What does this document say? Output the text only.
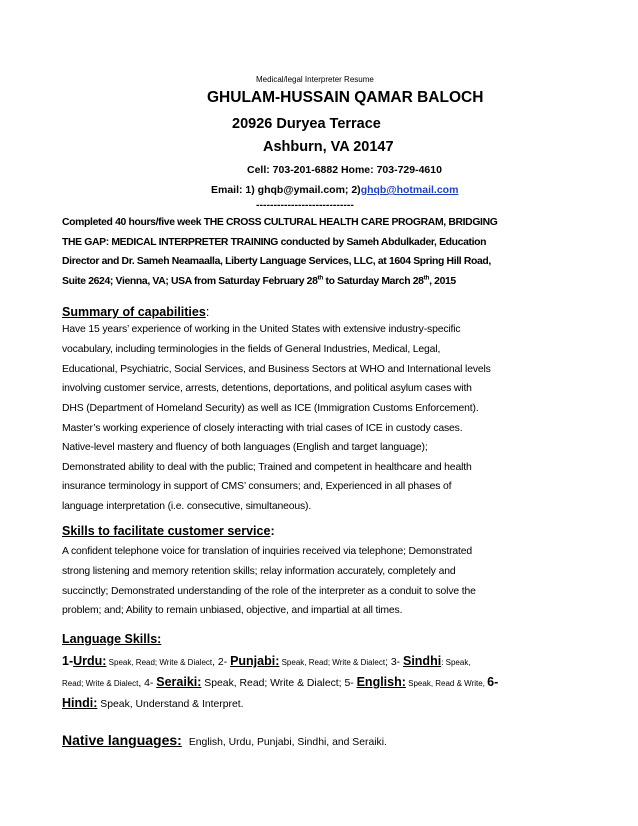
Medical/legal Interpreter Resume
GHULAM-HUSSAIN QAMAR BALOCH
20926 Duryea Terrace
Ashburn, VA 20147
Cell: 703-201-6882 Home: 703-729-4610
Email: 1) ghqb@ymail.com; 2)ghqb@hotmail.com
----------------------------
Completed 40 hours/five week THE CROSS CULTURAL HEALTH CARE PROGRAM, BRIDGING
THE GAP: MEDICAL INTERPRETER TRAINING conducted by Sameh Abdulkader, Education
Director and Dr. Sameh Neamaalla, Liberty Language Services, LLC, at 1604 Spring Hill Road,
Suite 2624; Vienna, VA; USA from Saturday February 28th to Saturday March 28th, 2015
Summary of capabilities:
Have 15 years’ experience of working in the United States with extensive industry-specific
vocabulary, including terminologies in the fields of General Industries, Medical, Legal,
Educational, Psychiatric, Social Services, and Business Sectors at WHO and International levels
involving customer service, arrests, detentions, deportations, and political asylum cases with
DHS (Department of Homeland Security) as well as ICE (Immigration Customs Enforcement).
Master’s working experience of closely interacting with trial cases of ICE in custody cases.
Native-level mastery and fluency of both languages (English and target language);
Demonstrated ability to deal with the public; Trained and competent in healthcare and health
insurance terminology in support of CMS’ consumers; and, Experienced in all phases of
language interpretation (i.e. consecutive, simultaneous).
Skills to facilitate customer service:
A confident telephone voice for translation of inquiries received via telephone; Demonstrated
strong listening and memory retention skills; relay information accurately, completely and
succinctly; Demonstrated understanding of the role of the interpreter as a conduit to solve the
problem; and; Ability to remain unbiased, objective, and impartial at all times.
Language Skills:
1-Urdu: Speak, Read; Write & Dialect, 2- Punjabi: Speak, Read; Write & Dialect; 3- Sindhi: Speak,
Read; Write & Dialect, 4- Seraiki: Speak, Read; Write & Dialect; 5- English: Speak, Read & Write, 6-
Hindi: Speak, Understand & Interpret.
Native languages: English, Urdu, Punjabi, Sindhi, and Seraiki.
